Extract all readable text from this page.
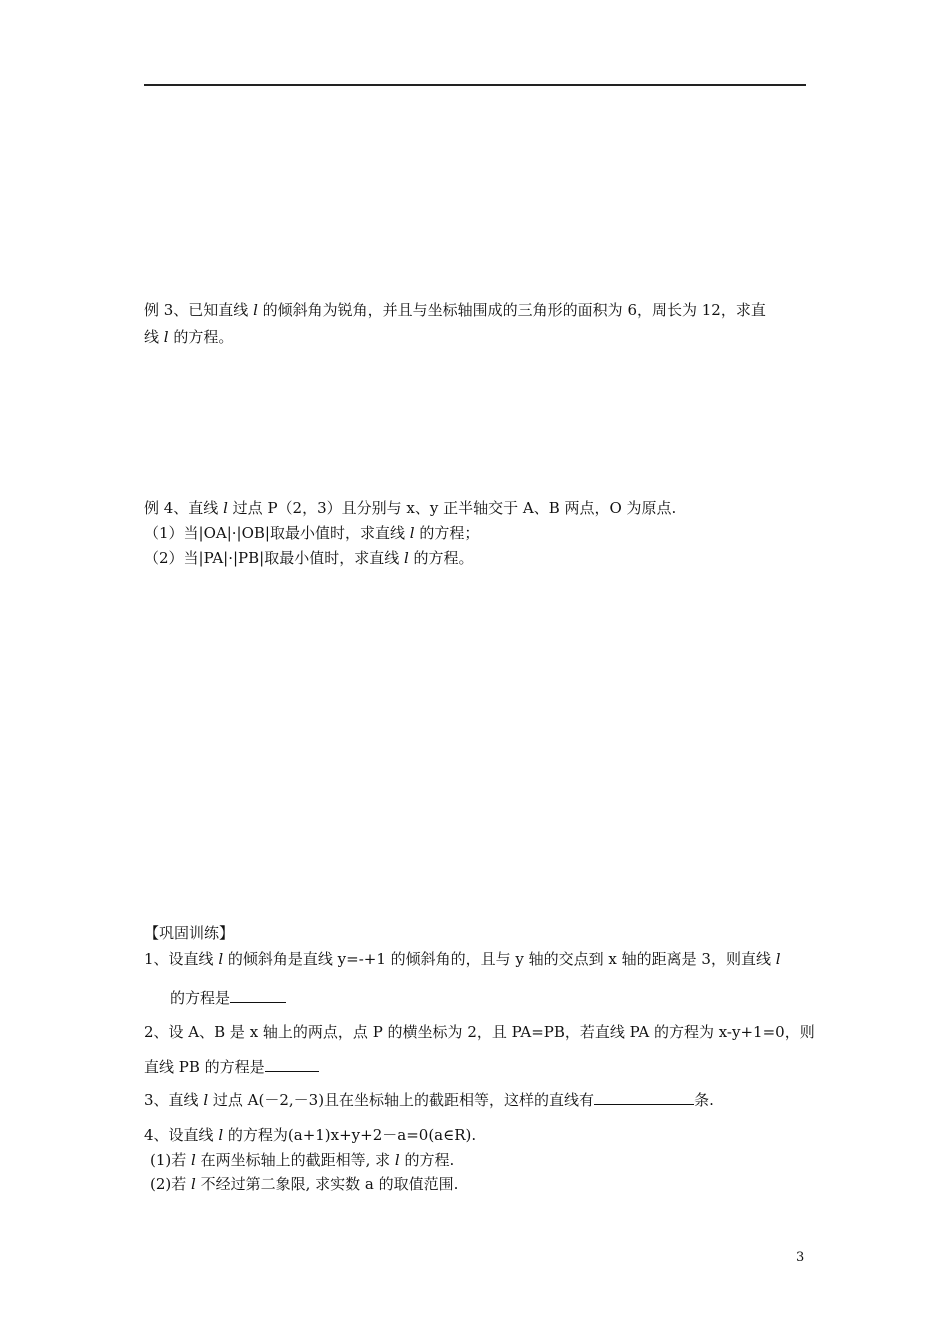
例 3、已知直线 l 的倾斜角为锐角，并且与坐标轴围成的三角形的面积为 6，周长为 12，求直
线 l 的方程。
例 4、直线 l 过点 P（2，3）且分别与 x、y 正半轴交于 A、B 两点，O 为原点.
（1）当|OA|·|OB|取最小值时，求直线 l 的方程；
（2）当|PA|·|PB|取最小值时，求直线 l 的方程。
【巩固训练】
1、设直线 l 的倾斜角是直线 y=-+1 的倾斜角的，且与 y 轴的交点到 x 轴的距离是 3，则直线 l
的方程是
2、设 A、B 是 x 轴上的两点，点 P 的横坐标为 2，且 PA=PB，若直线 PA 的方程为 x-y+1=0，则
直线 PB 的方程是
3、直线 l 过点 A(－2,－3)且在坐标轴上的截距相等，这样的直线有	条.
4、设直线 l 的方程为(a+1)x+y+2－a=0(a∈R).
(1)若 l 在两坐标轴上的截距相等, 求 l 的方程.
(2)若 l 不经过第二象限, 求实数 a 的取值范围.
3
